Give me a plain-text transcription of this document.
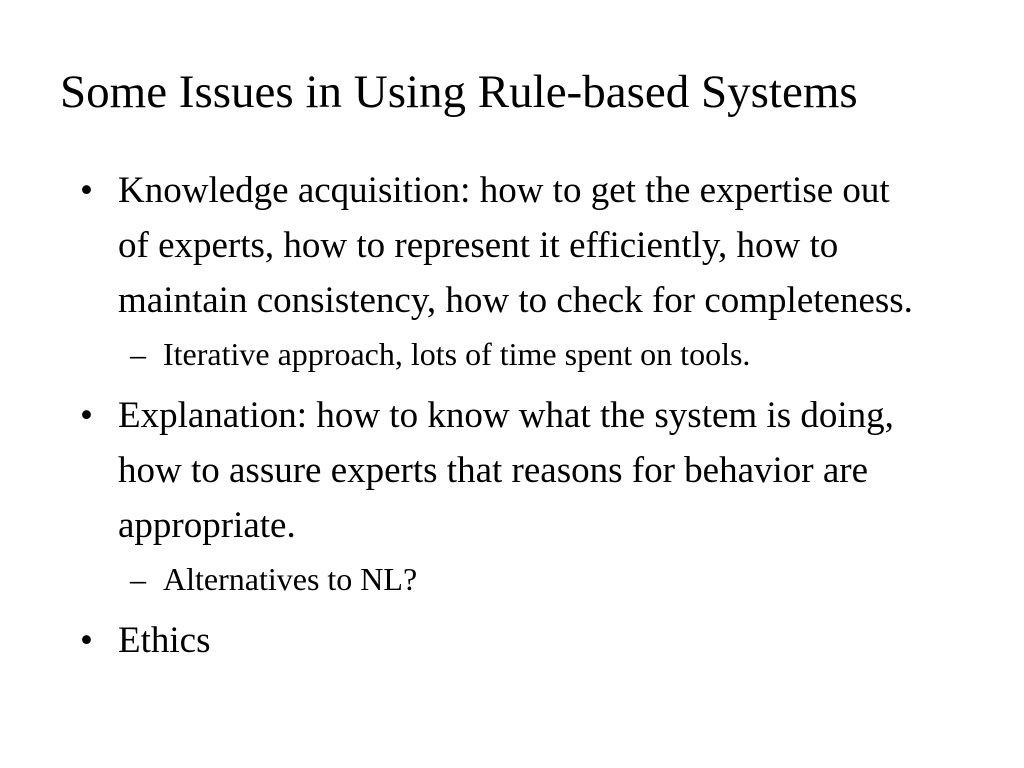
Some Issues in Using Rule-based Systems
• Knowledge acquisition: how to get the expertise out of experts, how to represent it efficiently, how to maintain consistency, how to check for completeness.
– Iterative approach, lots of time spent on tools.
• Explanation: how to know what the system is doing, how to assure experts that reasons for behavior are appropriate.
– Alternatives to NL?
• Ethics
